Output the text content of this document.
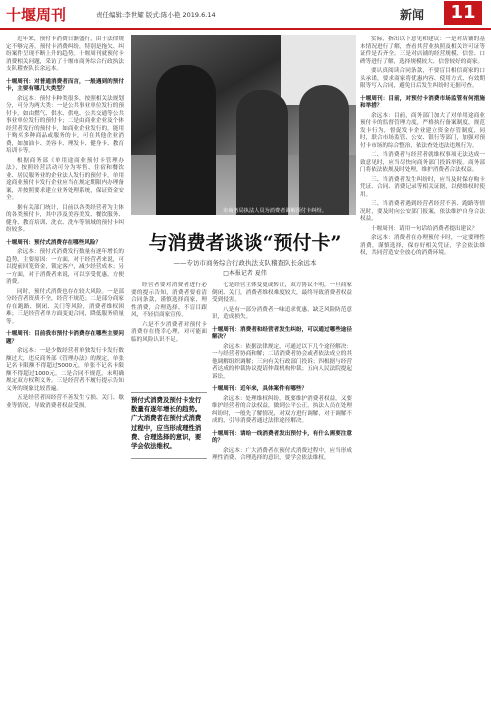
十堰周刊	责任编辑:李世耀 版式:陈小艳 2019.6.14	新闻	11

近年来，预付卡消费日渐盛行，由于法律规定不够完善，预付卡消费纠纷，特别是拖欠、纠纷案件呈现不断上升的趋势。十堰周刊就预付卡消费相关问题，采访了十堰市商务综合行政执法支队稽查队长余远本。

十堰周刊：对普通消费者而言，一般遇到的预付卡，主要有哪几大类型？

余远本：预付卡种类很多，按照相关法规划分，可分为两大类：一是公共事业单位发行的预付卡，如由燃气、供水、供电、公共交通等公共事业单位发行的预付卡；二是由商业企业及个体经营者发行的预付卡，如商业企业发行的，能用于购买多种商品或服务的卡，可在其他企业消费，如加油卡、美容卡、理发卡、健身卡、教育培训卡等。

根据商务部《单用途商业预付卡管理办法》，按照经营活动可分为零售、住宿和餐饮业、居民服务业的企业法人发行的预付卡，单用途商业预付卡发行企业应当在规定期限内办理备案，并按照要求建立业务处理系统，保证资金安全。

据有关部门统计，目前以各类经营者为主体的各类预付卡，其中涉及美容美发、餐饮服务、健身、教育培训、洗衣、洗车等领域的预付卡纠纷较多。

十堰周刊：预付式消费存在哪些风险？

余远本：预付式消费发行数量有逐年增长的趋势。主要原因：一方面，对于经营者来说，可以提前回笼资金，锁定客户，减少经营成本；另一方面，对于消费者来说，可以享受优惠，方便消费。

同时，预付式消费也存在较大风险。一是部分经营者资质不全，经营不规范；二是部分商家存在跑路、倒闭、关门等风险，消费者维权困难；三是经营者单方面变更合同，降低服务质量等。

十堰周刊：目前我市预付卡消费存在哪些主要问题？

余远本：一是少数经营者单独发行卡发行数额过大，违反商务部《管理办法》的规定，单张记名卡限额不得超过5000元，单张不记名卡限额不得超过1000元。二是合同不规范，未明确规定双方权利义务。三是经营者不履行提示告知义务的现象比较普遍。

五是经营者因经营不善发生亏损、关门、歇业等情况，导致消费者权益受损。

市商务局执法人员为消费者调解预付卡纠纷。
与消费者谈谈“预付卡”
——专访市商务综合行政执法支队稽查队长余远本
□本报记者 夏伟

经营者要对消费者进行必要的提示告知，消费者要看清合同条款，谨慎选择商家，理性消费，合理选择、不盲目跟风，不轻信商家宣传。

六是不少消费者对预付卡消费存在侥幸心理，对可能面临的风险认识不足。

预付式消费及预付卡发行数量有逐年增长的趋势。广大消费者在预付式消费过程中，应当形成理性消费、合理选择的意识，要学会依法维权。

七是经营主体变更或转让，双方协议不明，一旦商家倒闭、关门，消费者维权难度较大，最终导致消费者权益受到侵害。

八是有一部分消费者一味追求优惠，缺乏风险防范意识，造成损失。

十堰周刊：消费者和经营者发生纠纷，可以通过哪些途径解决？

余远本：依据法律规定，可通过以下几个途径解决：一与经营者协商和解；二请消费者协会或者依法成立的其他调解组织调解；三向有关行政部门投诉；四根据与经营者达成的仲裁协议提请仲裁机构仲裁；五向人民法院提起诉讼。

十堰周刊：近年来，具体案件有哪些？

余远本：处理维权纠纷，既要维护消费者权益，又要维护经营者的合法权益，做到公平公正。执法人员在处理纠纷时，一般先了解情况，对双方进行调解，对于调解不成的，引导消费者通过法律途径解决。

十堰周刊：请给一线消费者发出预付卡，有什么需要注意的？

余远本：广大消费者在预付式消费过程中，应当形成理性消费、合理选择的意识，要学会依法维权。

实际，指出以下意见和建议：一是对店铺的基本情况进行了解，查看其营业执照及相关许可证等证件是否齐全。三是对店铺的经营规模、信誉、口碑等进行了解，选择规模较大、信誉较好的商家。

要认真阅读合同条款，不要盲目相信商家的口头承诺，要求商家将优惠内容、使用方式、有效期限等写入合同，避免日后发生纠纷时无据可查。

十堰周刊：目前，对预付卡消费市场监管有何措施和举措？

余远本：目前，商务部门加大了对单用途商业预付卡的监督管理力度，严格执行备案制度，规范发卡行为，督促发卡企业建立资金存管制度，同时，联合市场监管、公安、银行等部门，加强对预付卡市场的综合整治，依法查处违法违规行为。

二、当消费者与经营者就维权事项无法达成一致意见时，应当尽快向商务部门投诉举报。商务部门将依法依规及时处理，维护消费者合法权益。

三、当消费者发生纠纷时，应当及时保存购卡凭证、合同、消费记录等相关证据，以便维权时使用。

三、当消费者遇到经营者经营不善、跑路等情况时，要及时向公安部门报案，依法维护自身合法权益。

十堰周刊：请用一句话给消费者提出建议？

余远本：消费者在办理预付卡时，一定要理性消费，谨慎选择，保存好相关凭证，学会依法维权，共同营造安全放心的消费环境。
